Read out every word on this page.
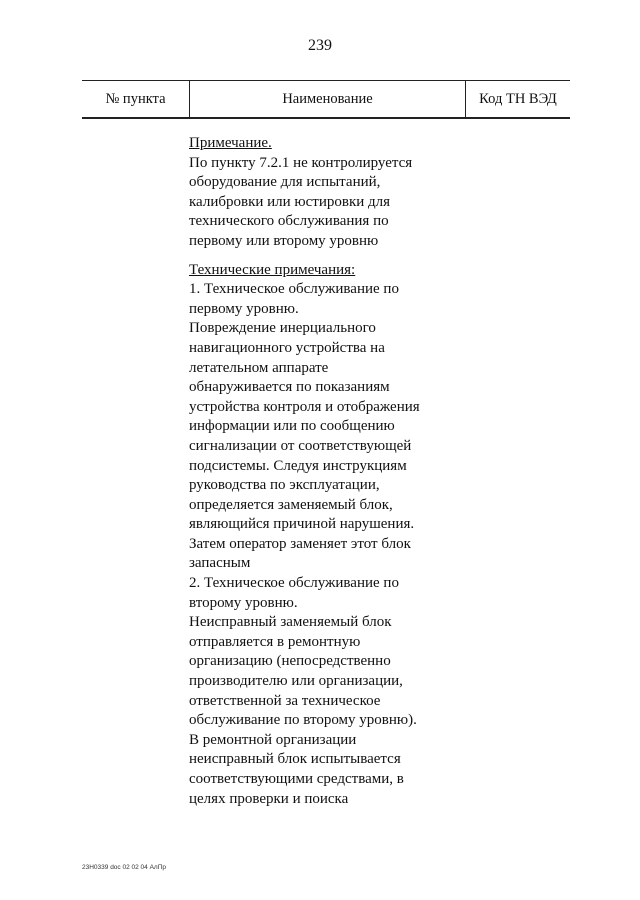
239
№ пункта	Наименование	Код ТН ВЭД

Примечание.

По пункту 7.2.1 не контролируется

оборудование для испытаний,

калибровки или юстировки для

технического обслуживания по

первому или второму уровню

Технические примечания:

1. Техническое обслуживание по

первому уровню.

Повреждение инерциального

навигационного устройства на

летательном аппарате

обнаруживается по показаниям

устройства контроля и отображения

информации или по сообщению

сигнализации от соответствующей

подсистемы. Следуя инструкциям

руководства по эксплуатации,

определяется заменяемый блок,

являющийся причиной нарушения.

Затем оператор заменяет этот блок

запасным

2. Техническое обслуживание по

второму уровню.

Неисправный заменяемый блок

отправляется в ремонтную

организацию (непосредственно

производителю или организации,

ответственной за техническое

обслуживание по второму уровню).

В ремонтной организации

неисправный блок испытывается

соответствующими средствами, в

целях проверки и поиска

23Н0339 doc 02 02 04 АлПр
